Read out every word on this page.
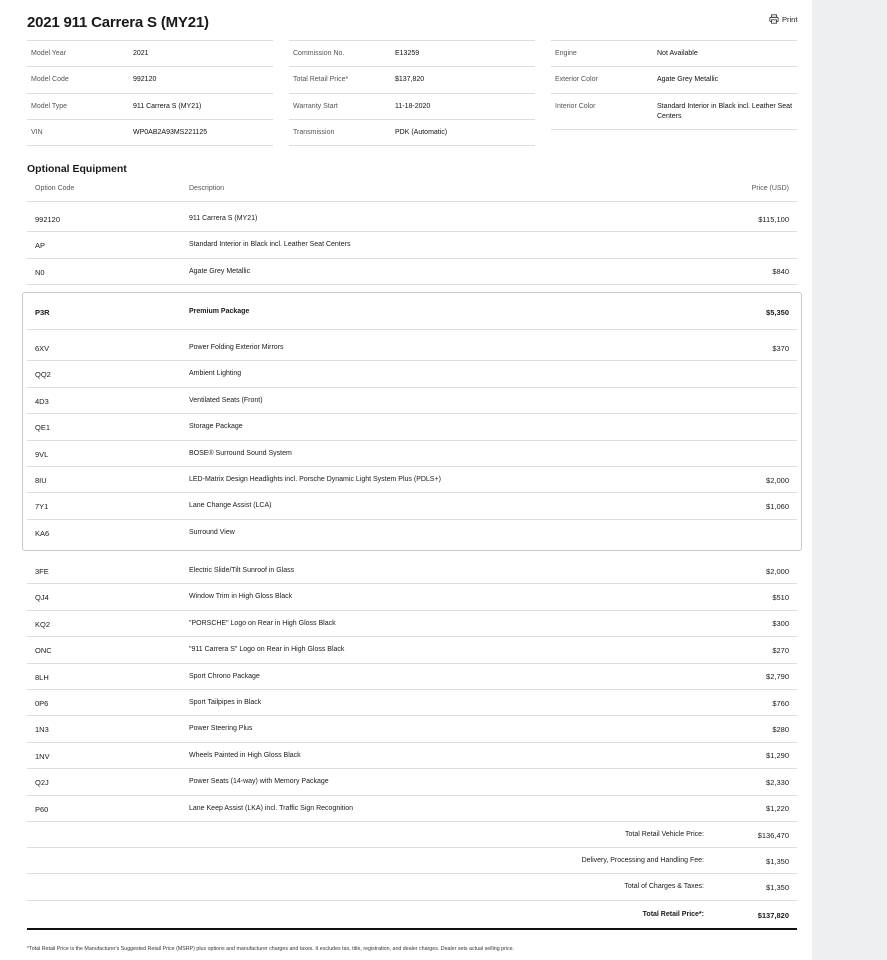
2021 911 Carrera S (MY21)	Print
Model Year	2021
Model Code	992120
Model Type	911 Carrera S (MY21)
VIN	WP0AB2A93MS221125
Commission No.	E13259
Total Retail Price*	$137,820
Warranty Start	11-18-2020
Transmission	PDK (Automatic)
Engine	Not Available
Exterior Color	Agate Grey Metallic
Interior Color	Standard Interior in Black incl. Leather Seat Centers
Optional Equipment
Option Code	Description	Price (USD)
992120	911 Carrera S (MY21)	$115,100
AP	Standard Interior in Black incl. Leather Seat Centers
N0	Agate Grey Metallic	$840
P3R	Premium Package	$5,350
6XV	Power Folding Exterior Mirrors	$370
QQ2	Ambient Lighting
4D3	Ventilated Seats (Front)
QE1	Storage Package
9VL	BOSE® Surround Sound System
8IU	LED-Matrix Design Headlights incl. Porsche Dynamic Light System Plus (PDLS+)	$2,000
7Y1	Lane Change Assist (LCA)	$1,060
KA6	Surround View
3FE	Electric Slide/Tilt Sunroof in Glass	$2,000
QJ4	Window Trim in High Gloss Black	$510
KQ2	"PORSCHE" Logo on Rear in High Gloss Black	$300
ONC	"911 Carrera S" Logo on Rear in High Gloss Black	$270
8LH	Sport Chrono Package	$2,790
0P6	Sport Tailpipes in Black	$760
1N3	Power Steering Plus	$280
1NV	Wheels Painted in High Gloss Black	$1,290
Q2J	Power Seats (14-way) with Memory Package	$2,330
P60	Lane Keep Assist (LKA) incl. Traffic Sign Recognition	$1,220
Total Retail Vehicle Price:	$136,470
Delivery, Processing and Handling Fee:	$1,350
Total of Charges & Taxes:	$1,350
Total Retail Price*:	$137,820
*Total Retail Price is the Manufacturer's Suggested Retail Price (MSRP) plus options and manufacturer charges and taxes. It excludes tax, title, registration, and dealer charges. Dealer sets actual selling price.
